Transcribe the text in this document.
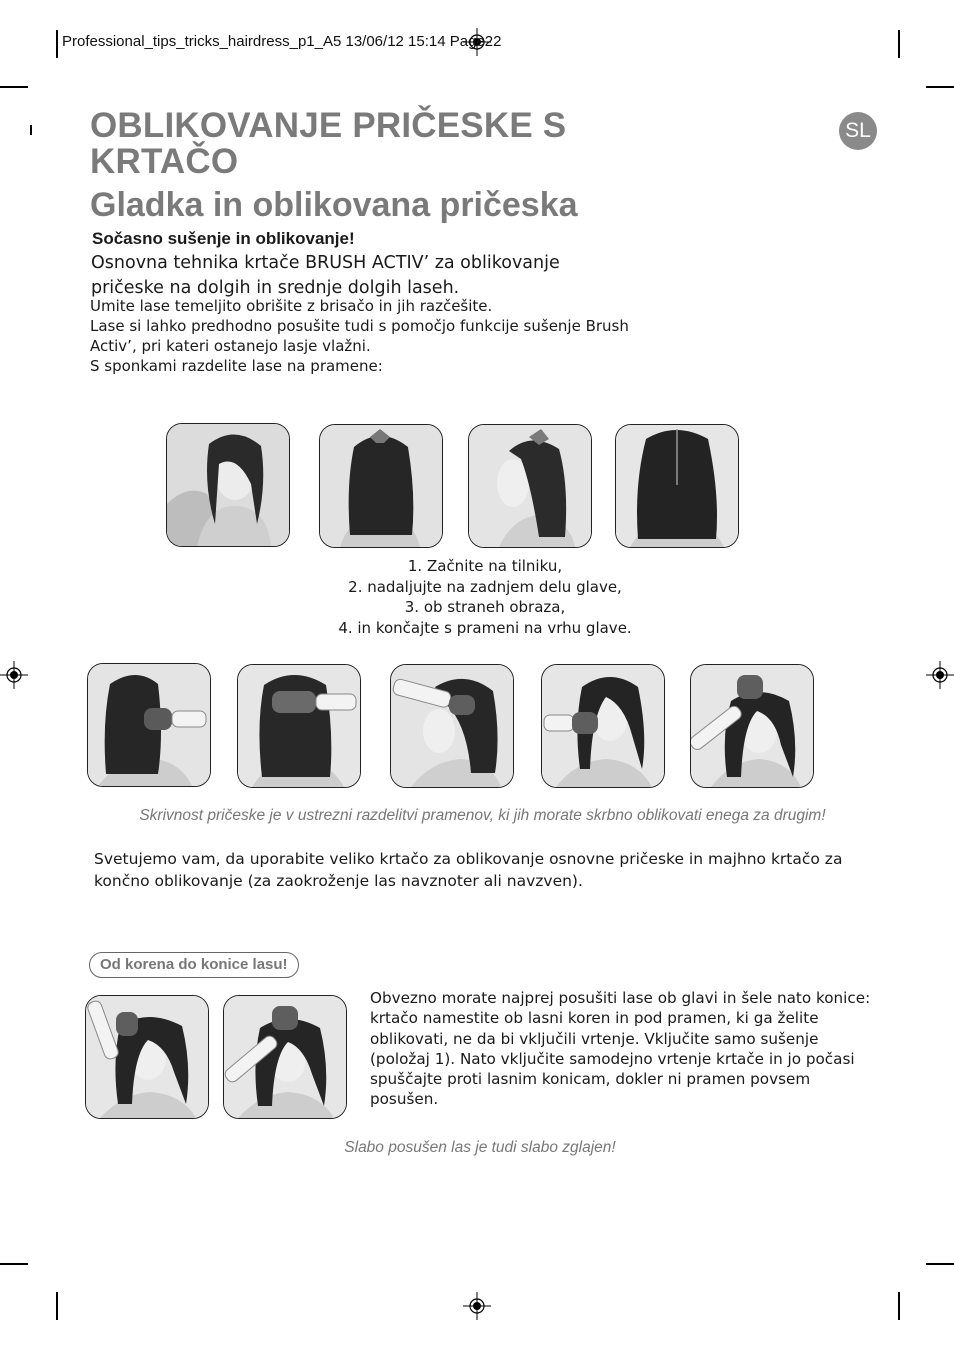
Professional_tips_tricks_hairdress_p1_A5 13/06/12 15:14 Page22
OBLIKOVANJE PRIČESKE S KRTAČO
SL
Gladka in oblikovana pričeska
Sočasno sušenje in oblikovanje!
Osnovna tehnika krtače BRUSH ACTIV’ za oblikovanje pričeske na dolgih in srednje dolgih laseh.
Umite lase temeljito obrišite z brisačo in jih razčešite.
Lase si lahko predhodno posušite tudi s pomočjo funkcije sušenje Brush
Activ’, pri kateri ostanejo lasje vlažni.
S sponkami razdelite lase na pramene:
1. Začnite na tilniku,
2. nadaljujte na zadnjem delu glave,
3. ob straneh obraza,
4. in končajte s prameni na vrhu glave.
Skrivnost pričeske je v ustrezni razdelitvi pramenov, ki jih morate skrbno oblikovati enega za drugim!
Svetujemo vam, da uporabite veliko krtačo za oblikovanje osnovne pričeske in majhno krtačo za končno oblikovanje (za zaokroženje las navznoter ali navzven).
Od korena do konice lasu!
Obvezno morate najprej posušiti lase ob glavi in šele nato konice: krtačo namestite ob lasni koren in pod pramen, ki ga želite oblikovati, ne da bi vključili vrtenje. Vključite samo sušenje (položaj 1). Nato vključite samodejno vrtenje krtače in jo počasi spuščajte proti lasnim konicam, dokler ni pramen povsem posušen.
Slabo posušen las je tudi slabo zglajen!
